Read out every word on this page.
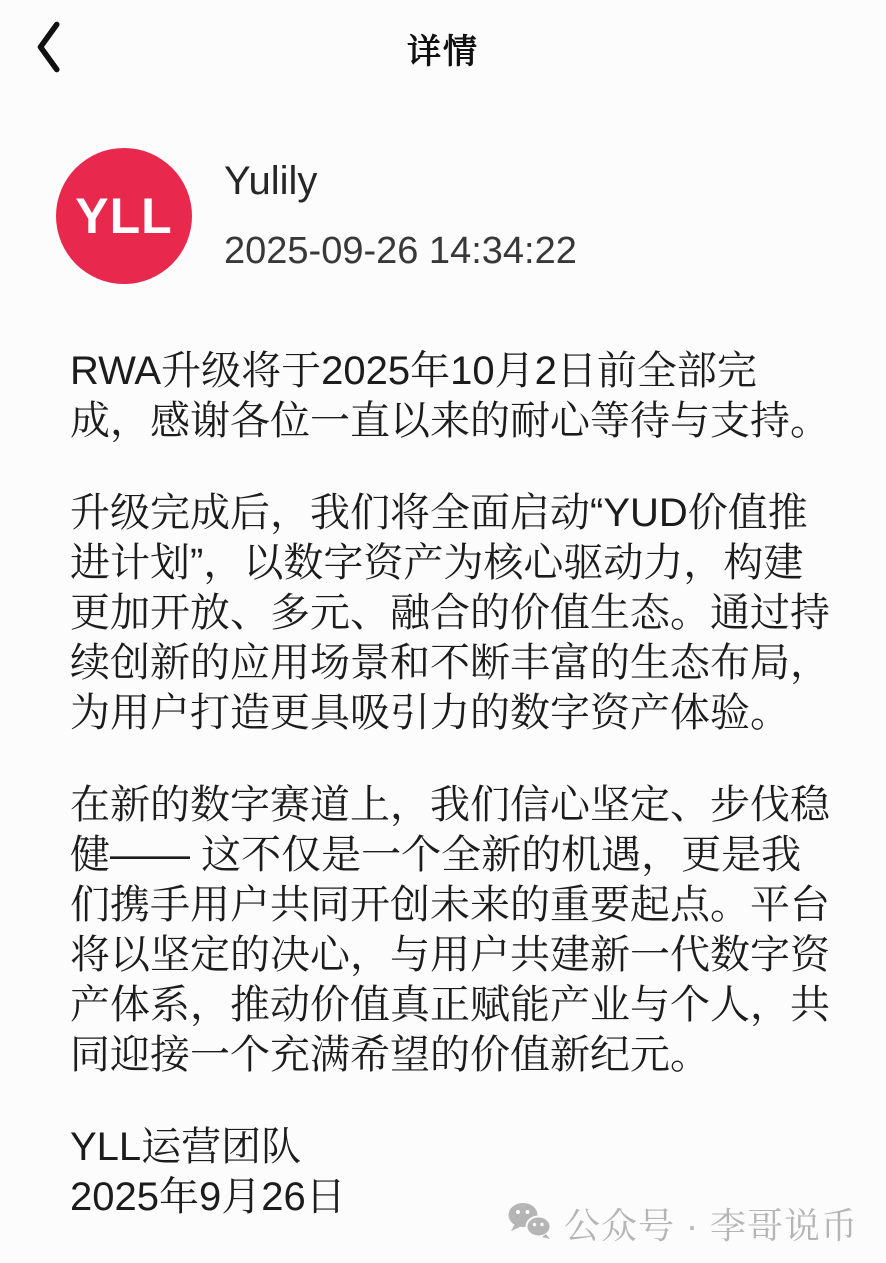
详情
YLL
Yulily
2025-09-26 14:34:22

RWA升级将于2025年10月2日前全部完成，感谢各位一直以来的耐心等待与支持。

升级完成后，我们将全面启动“YUD价值推进计划”，以数字资产为核心驱动力，构建更加开放、多元、融合的价值生态。通过持续创新的应用场景和不断丰富的生态布局，为用户打造更具吸引力的数字资产体验。

在新的数字赛道上，我们信心坚定、步伐稳健—— 这不仅是一个全新的机遇，更是我们携手用户共同开创未来的重要起点。平台将以坚定的决心，与用户共建新一代数字资产体系，推动价值真正赋能产业与个人，共同迎接一个充满希望的价值新纪元。

YLL运营团队
2025年9月26日
公众号 · 李哥说币
